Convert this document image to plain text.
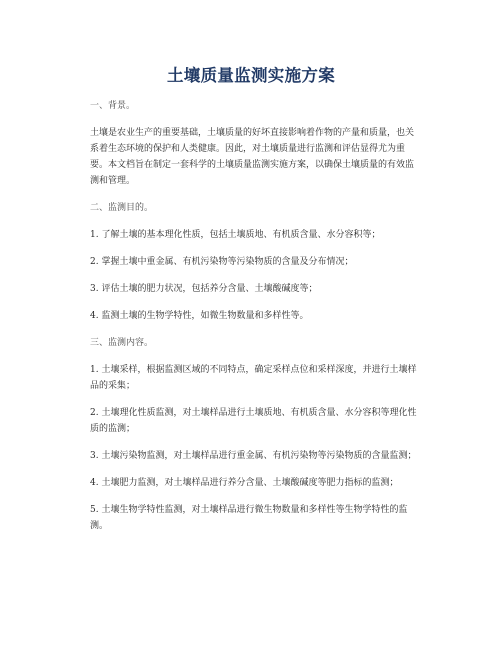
土壤质量监测实施方案

一、背景。

土壤是农业生产的重要基础，土壤质量的好坏直接影响着作物的产量和质量，也关系着生态环境的保护和人类健康。因此，对土壤质量进行监测和评估显得尤为重要。本文档旨在制定一套科学的土壤质量监测实施方案，以确保土壤质量的有效监测和管理。

二、监测目的。

1. 了解土壤的基本理化性质，包括土壤质地、有机质含量、水分容积等；

2. 掌握土壤中重金属、有机污染物等污染物质的含量及分布情况；

3. 评估土壤的肥力状况，包括养分含量、土壤酸碱度等；

4. 监测土壤的生物学特性，如微生物数量和多样性等。

三、监测内容。

1. 土壤采样，根据监测区域的不同特点，确定采样点位和采样深度，并进行土壤样品的采集；

2. 土壤理化性质监测，对土壤样品进行土壤质地、有机质含量、水分容积等理化性质的监测；

3. 土壤污染物监测，对土壤样品进行重金属、有机污染物等污染物质的含量监测；

4. 土壤肥力监测，对土壤样品进行养分含量、土壤酸碱度等肥力指标的监测；

5. 土壤生物学特性监测，对土壤样品进行微生物数量和多样性等生物学特性的监测。
